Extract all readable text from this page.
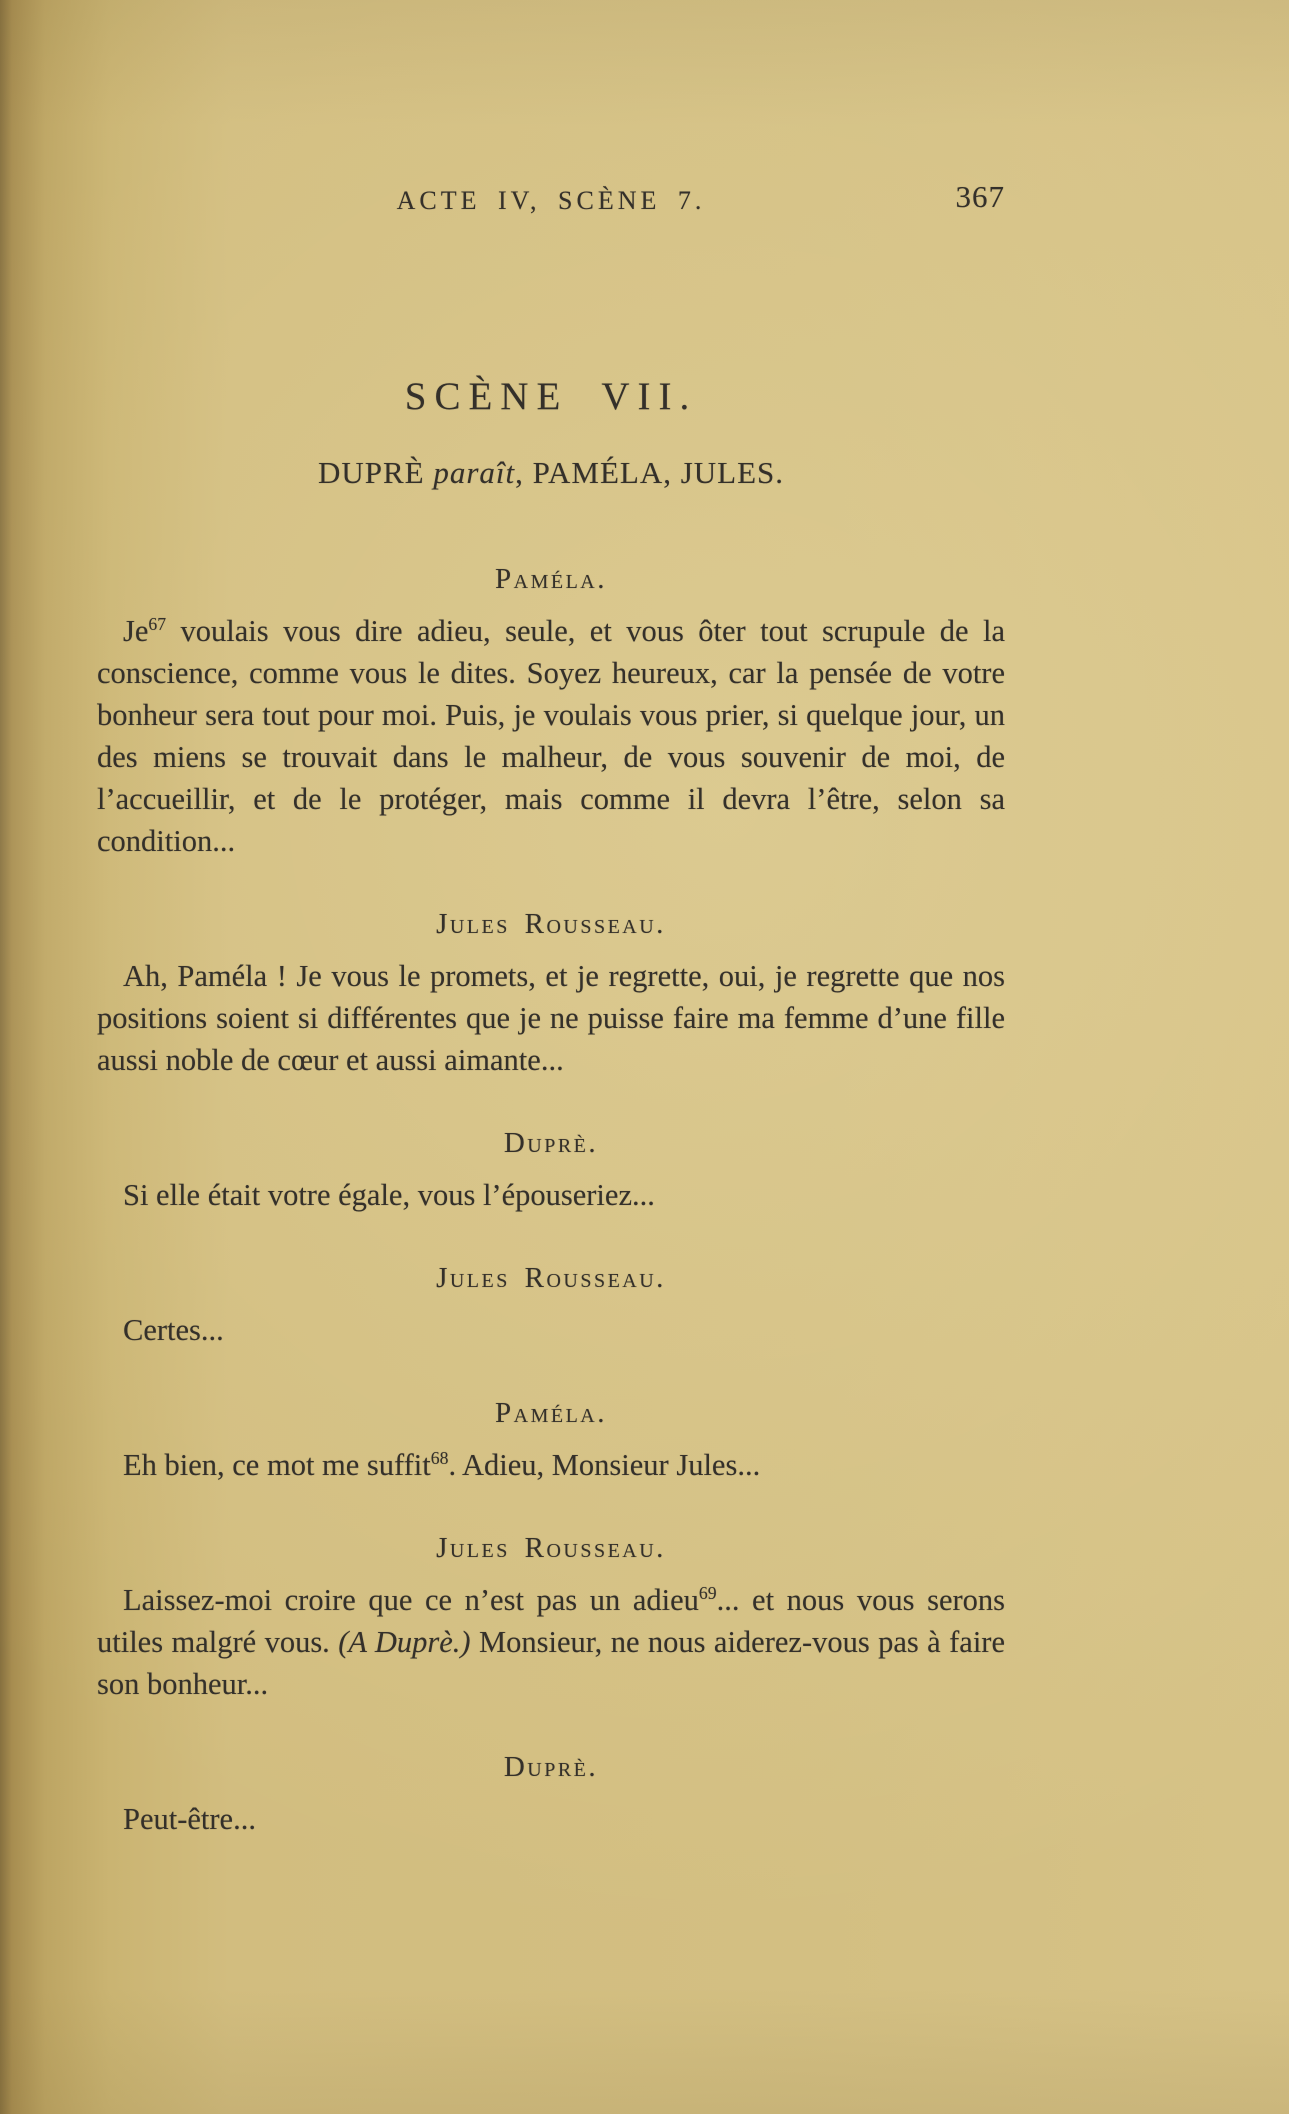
ACTE IV, SCÈNE 7.	367
SCÈNE VII.

DUPRÈ paraît, PAMÉLA, JULES.

Paméla.

Je$^{67}$ voulais vous dire adieu, seule, et vous ôter tout scrupule de la conscience, comme vous le dites. Soyez heureux, car la pensée de votre bonheur sera tout pour moi. Puis, je voulais vous prier, si quelque jour, un des miens se trouvait dans le malheur, de vous souvenir de moi, de l’accueillir, et de le protéger, mais comme il devra l’être, selon sa condition...

Jules Rousseau.

Ah, Paméla ! Je vous le promets, et je regrette, oui, je regrette que nos positions soient si différentes que je ne puisse faire ma femme d’une fille aussi noble de cœur et aussi aimante...

Duprè.

Si elle était votre égale, vous l’épouseriez...

Jules Rousseau.

Certes...

Paméla.

Eh bien, ce mot me suffit$^{68}$. Adieu, Monsieur Jules...

Jules Rousseau.

Laissez-moi croire que ce n’est pas un adieu$^{69}$... et nous vous serons utiles malgré vous. (A Duprè.) Monsieur, ne nous aiderez-vous pas à faire son bonheur...

Duprè.

Peut-être...
